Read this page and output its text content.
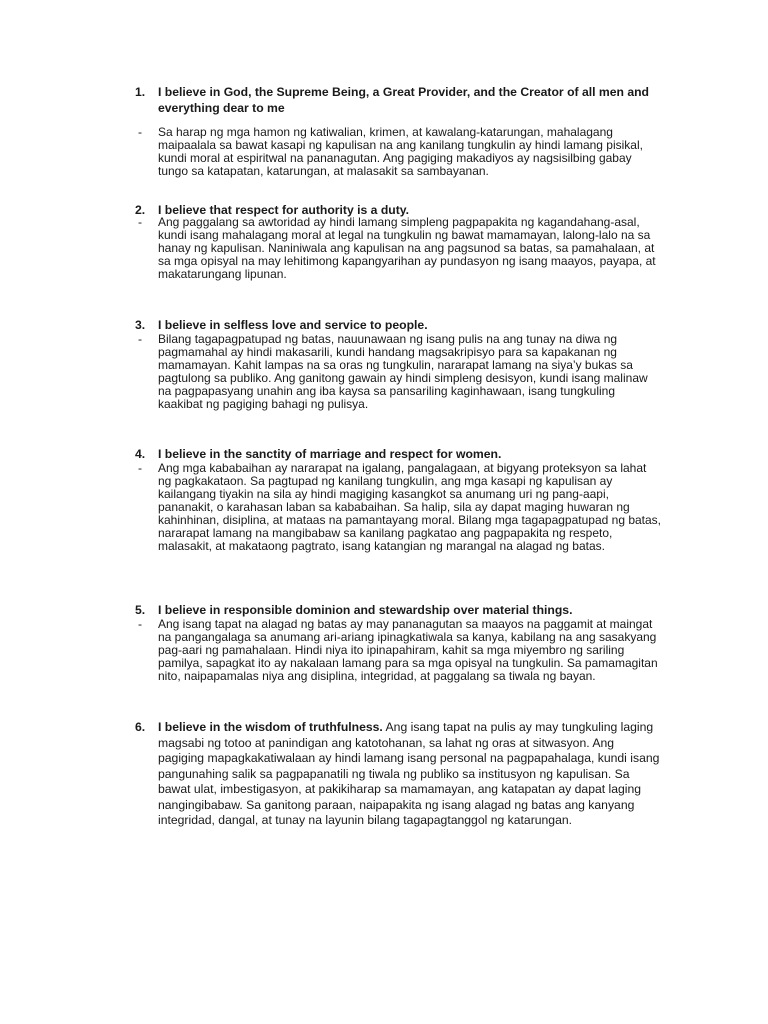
1. I believe in God, the Supreme Being, a Great Provider, and the Creator of all men and everything dear to me
- Sa harap ng mga hamon ng katiwalian, krimen, at kawalang-katarungan, mahalagang maipaalala sa bawat kasapi ng kapulisan na ang kanilang tungkulin ay hindi lamang pisikal, kundi moral at espiritwal na pananagutan. Ang pagiging makadiyos ay nagsisilbing gabay tungo sa katapatan, katarungan, at malasakit sa sambayanan.
2. I believe that respect for authority is a duty.
- Ang paggalang sa awtoridad ay hindi lamang simpleng pagpapakita ng kagandahang-asal, kundi isang mahalagang moral at legal na tungkulin ng bawat mamamayan, lalong-lalo na sa hanay ng kapulisan. Naniniwala ang kapulisan na ang pagsunod sa batas, sa pamahalaan, at sa mga opisyal na may lehitimong kapangyarihan ay pundasyon ng isang maayos, payapa, at makatarungang lipunan.
3. I believe in selfless love and service to people.
- Bilang tagapagpatupad ng batas, nauunawaan ng isang pulis na ang tunay na diwa ng pagmamahal ay hindi makasarili, kundi handang magsakripisyo para sa kapakanan ng mamamayan. Kahit lampas na sa oras ng tungkulin, nararapat lamang na siya’y bukas sa pagtulong sa publiko. Ang ganitong gawain ay hindi simpleng desisyon, kundi isang malinaw na pagpapasyang unahin ang iba kaysa sa pansariling kaginhawaan, isang tungkuling kaakibat ng pagiging bahagi ng pulisya.
4. I believe in the sanctity of marriage and respect for women.
- Ang mga kababaihan ay nararapat na igalang, pangalagaan, at bigyang proteksyon sa lahat ng pagkakataon. Sa pagtupad ng kanilang tungkulin, ang mga kasapi ng kapulisan ay kailangang tiyakin na sila ay hindi magiging kasangkot sa anumang uri ng pang-aapi, pananakit, o karahasan laban sa kababaihan. Sa halip, sila ay dapat maging huwaran ng kahinhinan, disiplina, at mataas na pamantayang moral. Bilang mga tagapagpatupad ng batas, nararapat lamang na mangibabaw sa kanilang pagkatao ang pagpapakita ng respeto, malasakit, at makataong pagtrato, isang katangian ng marangal na alagad ng batas.
5. I believe in responsible dominion and stewardship over material things.
- Ang isang tapat na alagad ng batas ay may pananagutan sa maayos na paggamit at maingat na pangangalaga sa anumang ari-ariang ipinagkatiwala sa kanya, kabilang na ang sasakyang pag-aari ng pamahalaan. Hindi niya ito ipinapahiram, kahit sa mga miyembro ng sariling pamilya, sapagkat ito ay nakalaan lamang para sa mga opisyal na tungkulin. Sa pamamagitan nito, naipapamalas niya ang disiplina, integridad, at paggalang sa tiwala ng bayan.
6. I believe in the wisdom of truthfulness. Ang isang tapat na pulis ay may tungkuling laging magsabi ng totoo at panindigan ang katotohanan, sa lahat ng oras at sitwasyon. Ang pagiging mapagkakatiwalaan ay hindi lamang isang personal na pagpapahalaga, kundi isang pangunahing salik sa pagpapanatili ng tiwala ng publiko sa institusyon ng kapulisan. Sa bawat ulat, imbestigasyon, at pakikiharap sa mamamayan, ang katapatan ay dapat laging nangingibabaw. Sa ganitong paraan, naipapakita ng isang alagad ng batas ang kanyang integridad, dangal, at tunay na layunin bilang tagapagtanggol ng katarungan.
